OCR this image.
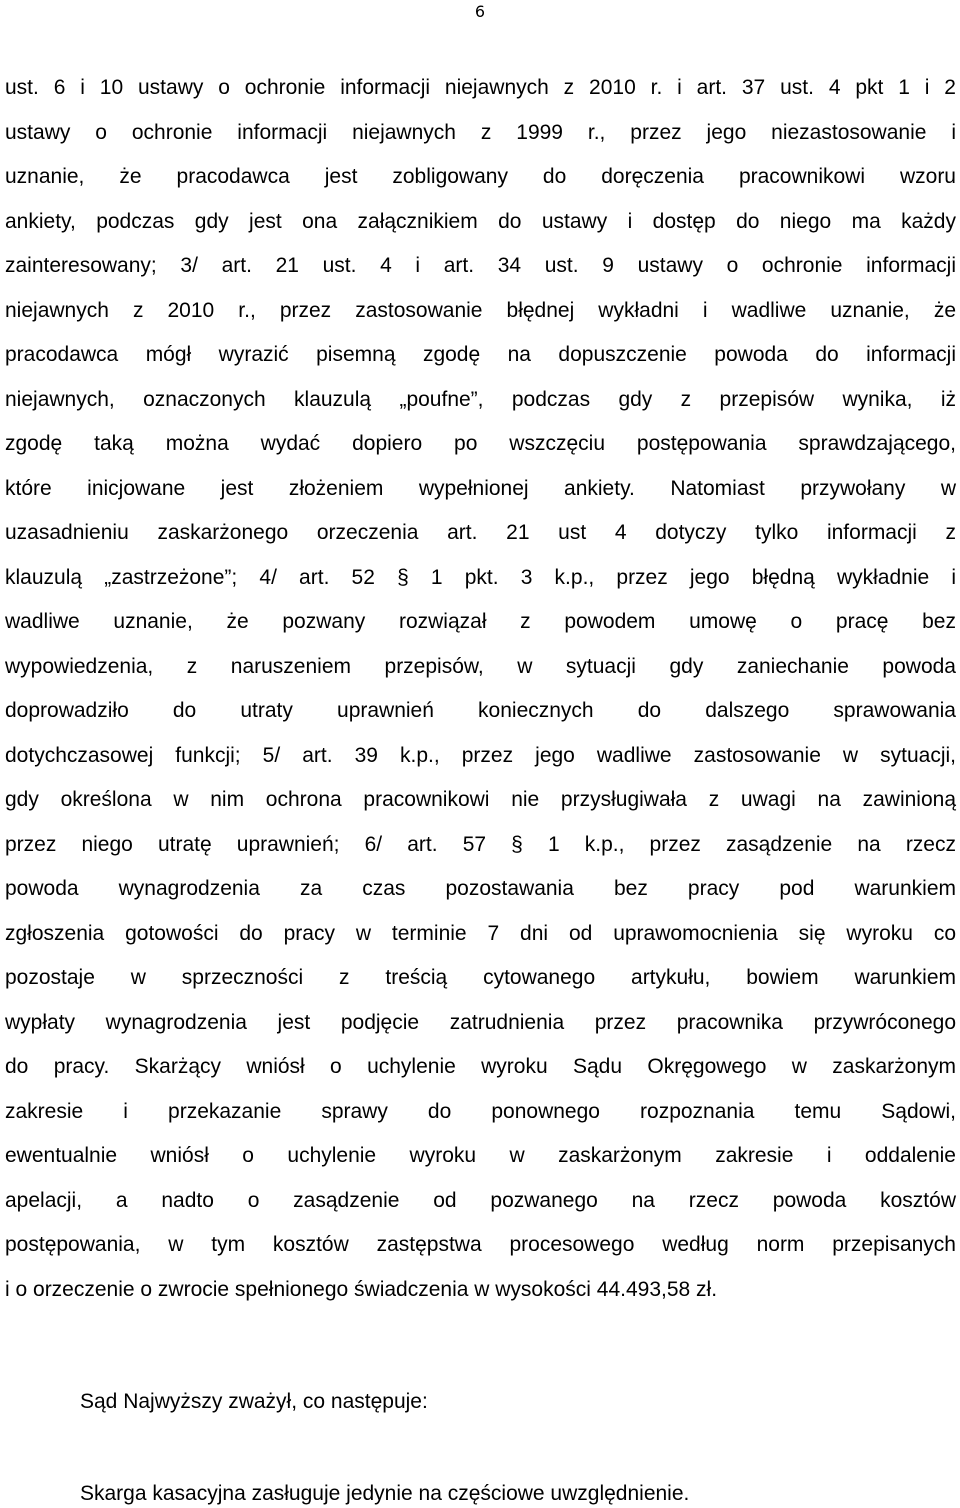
6
ust. 6 i 10 ustawy o ochronie informacji niejawnych z 2010 r. i art. 37 ust. 4 pkt 1 i 2
ustawy o ochronie informacji niejawnych z 1999 r., przez jego niezastosowanie i
uznanie, że pracodawca jest zobligowany do doręczenia pracownikowi wzoru
ankiety, podczas gdy jest ona załącznikiem do ustawy i dostęp do niego ma każdy
zainteresowany; 3/ art. 21 ust. 4 i art. 34 ust. 9 ustawy o ochronie informacji
niejawnych z 2010 r., przez zastosowanie błędnej wykładni i wadliwe uznanie, że
pracodawca mógł wyrazić pisemną zgodę na dopuszczenie powoda do informacji
niejawnych, oznaczonych klauzulą „poufne”, podczas gdy z przepisów wynika, iż
zgodę taką można wydać dopiero po wszczęciu postępowania sprawdzającego,
które inicjowane jest złożeniem wypełnionej ankiety. Natomiast przywołany w
uzasadnieniu zaskarżonego orzeczenia art. 21 ust 4 dotyczy tylko informacji z
klauzulą „zastrzeżone”; 4/ art. 52 § 1 pkt. 3 k.p., przez jego błędną wykładnie i
wadliwe uznanie, że pozwany rozwiązał z powodem umowę o pracę bez
wypowiedzenia, z naruszeniem przepisów, w sytuacji gdy zaniechanie powoda
doprowadziło do utraty uprawnień koniecznych do dalszego sprawowania
dotychczasowej funkcji; 5/ art. 39 k.p., przez jego wadliwe zastosowanie w sytuacji,
gdy określona w nim ochrona pracownikowi nie przysługiwała z uwagi na zawinioną
przez niego utratę uprawnień; 6/ art. 57 § 1 k.p., przez zasądzenie na rzecz
powoda wynagrodzenia za czas pozostawania bez pracy pod warunkiem
zgłoszenia gotowości do pracy w terminie 7 dni od uprawomocnienia się wyroku co
pozostaje w sprzeczności z treścią cytowanego artykułu, bowiem warunkiem
wypłaty wynagrodzenia jest podjęcie zatrudnienia przez pracownika przywróconego
do pracy. Skarżący wniósł o uchylenie wyroku Sądu Okręgowego w zaskarżonym
zakresie i przekazanie sprawy do ponownego rozpoznania temu Sądowi,
ewentualnie wniósł o uchylenie wyroku w zaskarżonym zakresie i oddalenie
apelacji, a nadto o zasądzenie od pozwanego na rzecz powoda kosztów
postępowania, w tym kosztów zastępstwa procesowego według norm przepisanych
i o orzeczenie o zwrocie spełnionego świadczenia w wysokości 44.493,58 zł.

Sąd Najwyższy zważył, co następuje:

Skarga kasacyjna zasługuje jedynie na częściowe uwzględnienie.
